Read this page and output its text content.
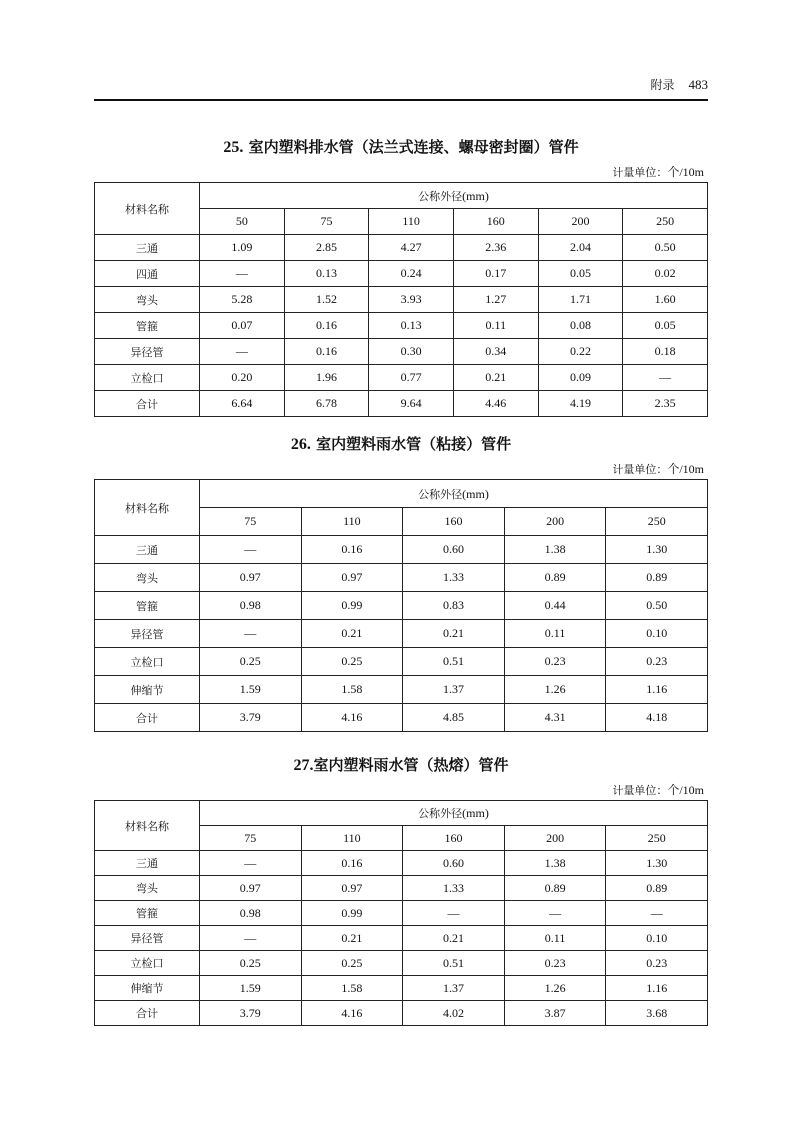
附录 483
25. 室内塑料排水管（法兰式连接、螺母密封圈）管件
计量单位：个/10m
材料名称	公称外径(mm)					
	50	75	110	160	200	250
三通	1.09	2.85	4.27	2.36	2.04	0.50
四通	—	0.13	0.24	0.17	0.05	0.02
弯头	5.28	1.52	3.93	1.27	1.71	1.60
管箍	0.07	0.16	0.13	0.11	0.08	0.05
异径管	—	0.16	0.30	0.34	0.22	0.18
立检口	0.20	1.96	0.77	0.21	0.09	—
合计	6.64	6.78	9.64	4.46	4.19	2.35
26. 室内塑料雨水管（粘接）管件
计量单位：个/10m
材料名称	公称外径(mm)				
	75	110	160	200	250
三通	—	0.16	0.60	1.38	1.30
弯头	0.97	0.97	1.33	0.89	0.89
管箍	0.98	0.99	0.83	0.44	0.50
异径管	—	0.21	0.21	0.11	0.10
立检口	0.25	0.25	0.51	0.23	0.23
伸缩节	1.59	1.58	1.37	1.26	1.16
合计	3.79	4.16	4.85	4.31	4.18
27.室内塑料雨水管（热熔）管件
计量单位：个/10m
材料名称	公称外径(mm)				
	75	110	160	200	250
三通	—	0.16	0.60	1.38	1.30
弯头	0.97	0.97	1.33	0.89	0.89
管箍	0.98	0.99	—	—	—
异径管	—	0.21	0.21	0.11	0.10
立检口	0.25	0.25	0.51	0.23	0.23
伸缩节	1.59	1.58	1.37	1.26	1.16
合计	3.79	4.16	4.02	3.87	3.68
